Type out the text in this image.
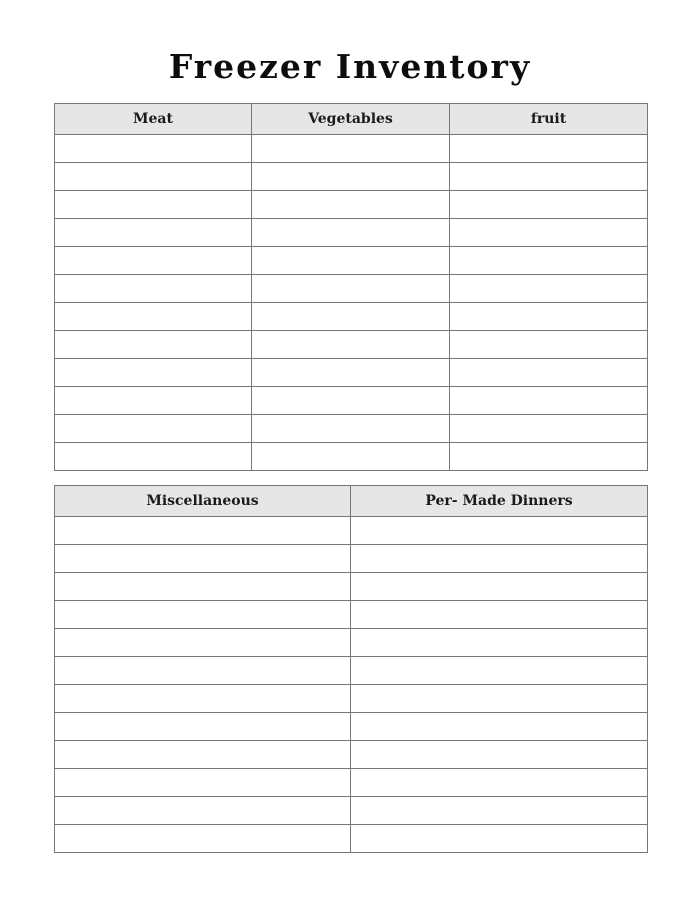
Freezer Inventory
Meat	Vegetables	fruit

Miscellaneous	Per- Made Dinners
